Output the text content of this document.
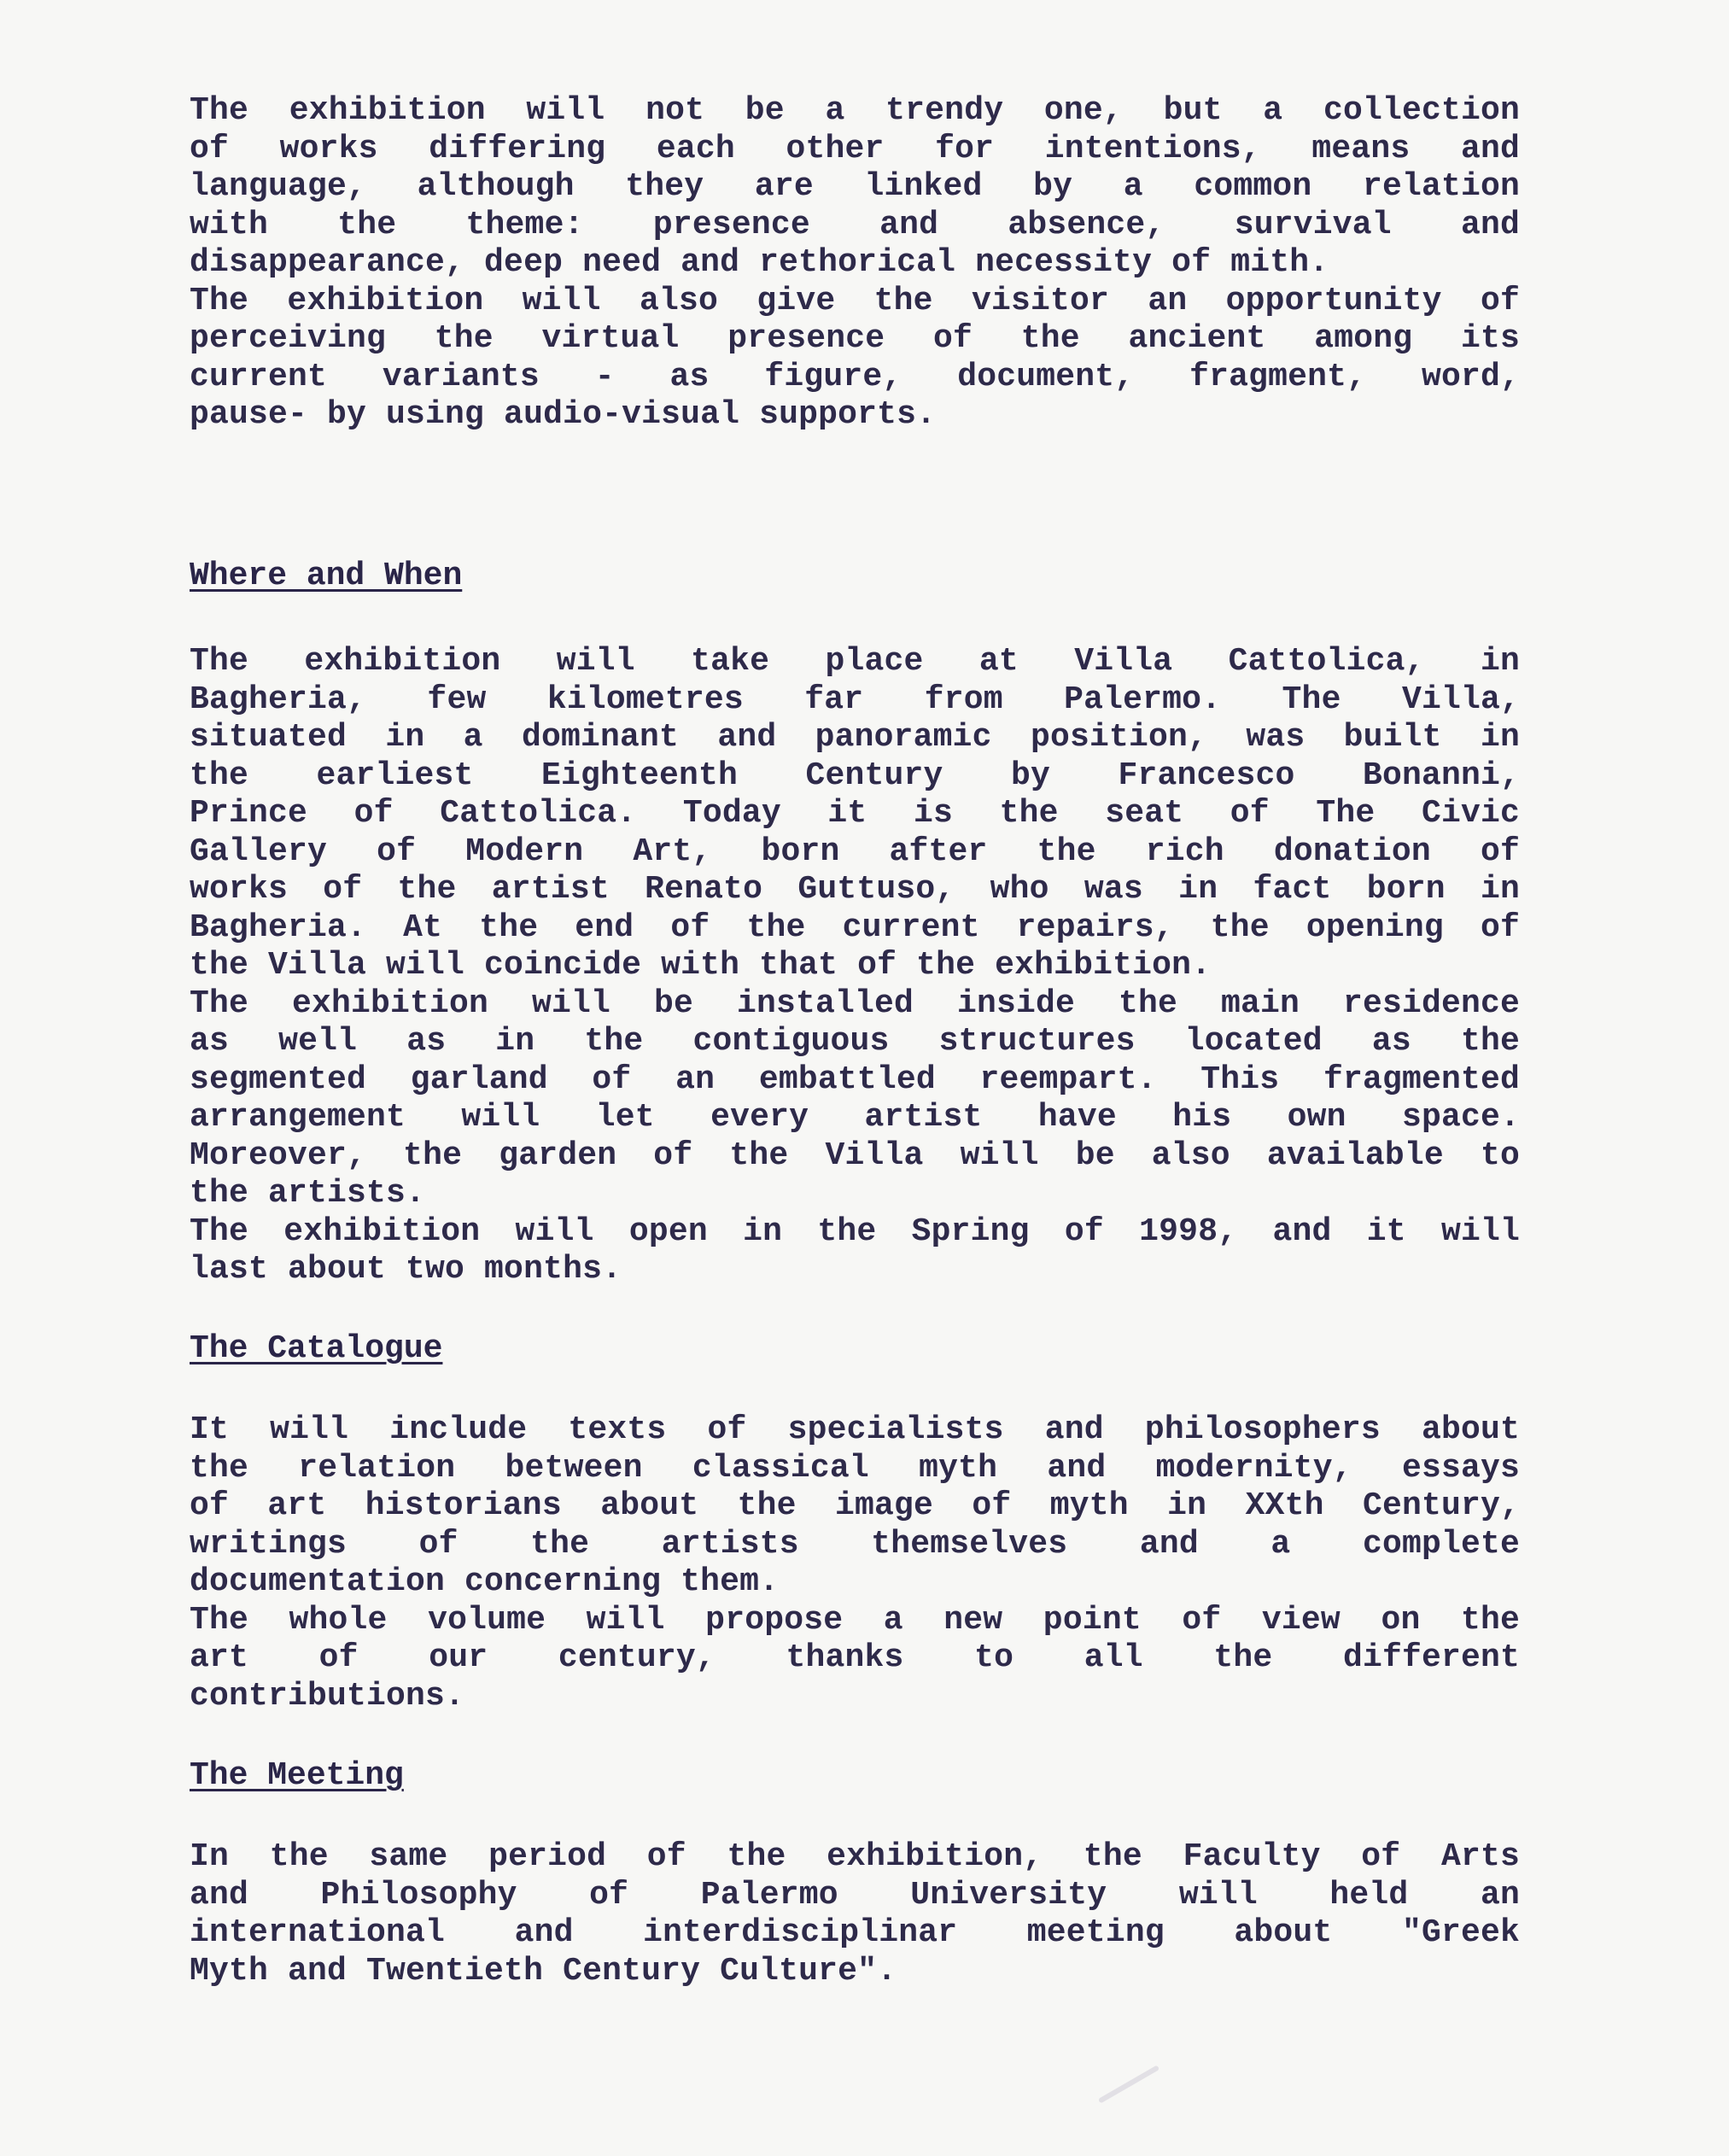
The exhibition will not be a trendy one, but a collection
of works differing each other for intentions, means and
language, although they are linked by a common relation
with the theme: presence and absence, survival and
disappearance, deep need and rethorical necessity of mith.
The exhibition will also give the visitor an opportunity of
perceiving the virtual presence of the ancient among its
current variants - as figure, document, fragment, word,
pause- by using audio-visual supports.

Where and When

The exhibition will take place at Villa Cattolica, in
Bagheria, few kilometres far from Palermo. The Villa,
situated in a dominant and panoramic position, was built in
the earliest Eighteenth Century by Francesco Bonanni,
Prince of Cattolica. Today it is the seat of The Civic
Gallery of Modern Art, born after the rich donation of
works of the artist Renato Guttuso, who was in fact born in
Bagheria. At the end of the current repairs, the opening of
the Villa will coincide with that of the exhibition.
The exhibition will be installed inside the main residence
as well as in the contiguous structures located as the
segmented garland of an embattled reempart. This fragmented
arrangement will let every artist have his own space.
Moreover, the garden of the Villa will be also available to
the artists.
The exhibition will open in the Spring of 1998, and it will
last about two months.

The Catalogue

It will include texts of specialists and philosophers about
the relation between classical myth and modernity, essays
of art historians about the image of myth in XXth Century,
writings of the artists themselves and a complete
documentation concerning them.
The whole volume will propose a new point of view on the
art of our century, thanks to all the different
contributions.

The Meeting

In the same period of the exhibition, the Faculty of Arts
and Philosophy of Palermo University will held an
international and interdisciplinar meeting about "Greek
Myth and Twentieth Century Culture".
